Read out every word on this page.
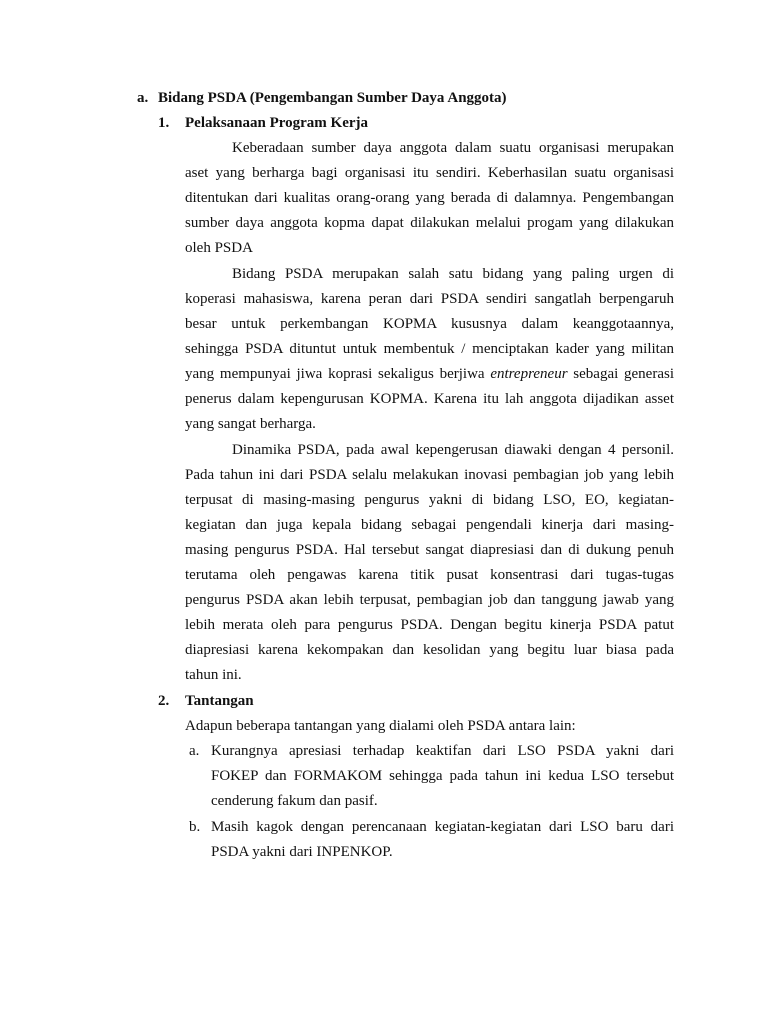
a. Bidang PSDA (Pengembangan Sumber Daya Anggota)
1. Pelaksanaan Program Kerja
Keberadaan sumber daya anggota dalam suatu organisasi merupakan
aset yang berharga bagi organisasi itu sendiri. Keberhasilan suatu organisasi
ditentukan dari kualitas orang-orang yang berada di dalamnya. Pengembangan
sumber daya anggota kopma dapat dilakukan melalui progam yang dilakukan
oleh PSDA
Bidang PSDA merupakan salah satu bidang yang paling urgen di
koperasi mahasiswa, karena peran dari PSDA sendiri sangatlah berpengaruh
besar untuk perkembangan KOPMA kususnya dalam keanggotaannya,
sehingga PSDA dituntut untuk membentuk / menciptakan kader yang militan
yang mempunyai jiwa koprasi sekaligus berjiwa entrepreneur sebagai generasi
penerus dalam kepengurusan KOPMA. Karena itu lah anggota dijadikan asset
yang sangat berharga.
Dinamika PSDA, pada awal kepengerusan diawaki dengan 4 personil.
Pada tahun ini dari PSDA selalu melakukan inovasi pembagian job yang lebih
terpusat di masing-masing pengurus yakni di bidang LSO, EO, kegiatan-
kegiatan dan juga kepala bidang sebagai pengendali kinerja dari masing-
masing pengurus PSDA. Hal tersebut sangat diapresiasi dan di dukung penuh
terutama oleh pengawas karena titik pusat konsentrasi dari tugas-tugas
pengurus PSDA akan lebih terpusat, pembagian job dan tanggung jawab yang
lebih merata oleh para pengurus PSDA. Dengan begitu kinerja PSDA patut
diapresiasi karena kekompakan dan kesolidan yang begitu luar biasa pada
tahun ini.
2. Tantangan
Adapun beberapa tantangan yang dialami oleh PSDA antara lain:
a. Kurangnya apresiasi terhadap keaktifan dari LSO PSDA yakni dari
FOKEP dan FORMAKOM sehingga pada tahun ini kedua LSO tersebut
cenderung fakum dan pasif.
b. Masih kagok dengan perencanaan kegiatan-kegiatan dari LSO baru dari
PSDA yakni dari INPENKOP.
